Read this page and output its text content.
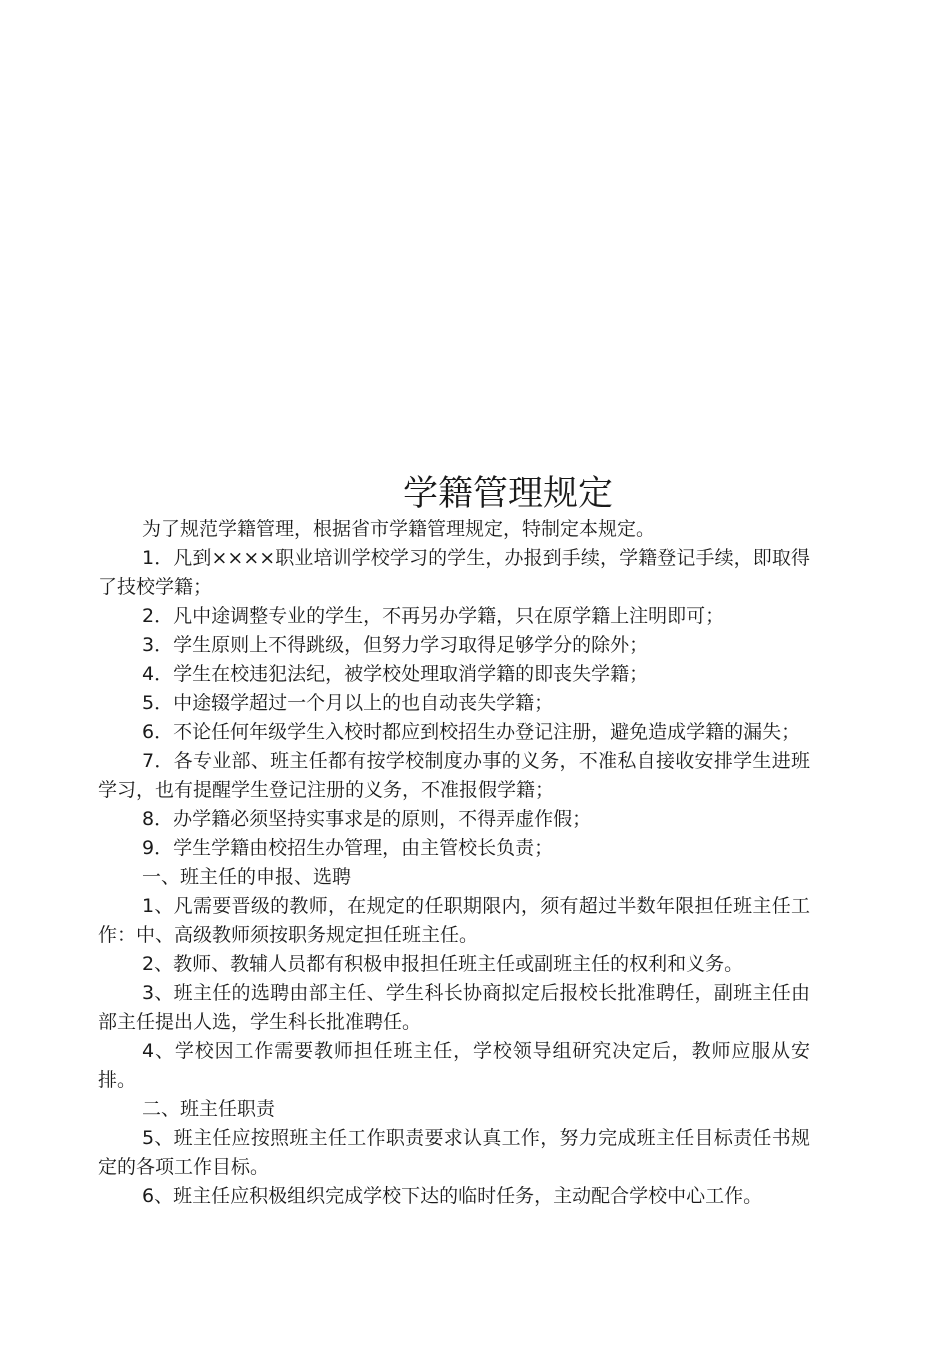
学籍管理规定

为了规范学籍管理，根据省市学籍管理规定，特制定本规定。

1．凡到××××职业培训学校学习的学生，办报到手续，学籍登记手续，即取得了技校学籍；

2．凡中途调整专业的学生，不再另办学籍，只在原学籍上注明即可；

3．学生原则上不得跳级，但努力学习取得足够学分的除外；

4．学生在校违犯法纪，被学校处理取消学籍的即丧失学籍；

5．中途辍学超过一个月以上的也自动丧失学籍；

6．不论任何年级学生入校时都应到校招生办登记注册，避免造成学籍的漏失；

7．各专业部、班主任都有按学校制度办事的义务，不准私自接收安排学生进班学习，也有提醒学生登记注册的义务，不准报假学籍；

8．办学籍必须坚持实事求是的原则，不得弄虚作假；

9．学生学籍由校招生办管理，由主管校长负责；

一、班主任的申报、选聘

1、凡需要晋级的教师，在规定的任职期限内，须有超过半数年限担任班主任工作：中、高级教师须按职务规定担任班主任。

2、教师、教辅人员都有积极申报担任班主任或副班主任的权利和义务。

3、班主任的选聘由部主任、学生科长协商拟定后报校长批准聘任，副班主任由部主任提出人选，学生科长批准聘任。

4、学校因工作需要教师担任班主任，学校领导组研究决定后，教师应服从安排。

二、班主任职责

5、班主任应按照班主任工作职责要求认真工作，努力完成班主任目标责任书规定的各项工作目标。

6、班主任应积极组织完成学校下达的临时任务，主动配合学校中心工作。
